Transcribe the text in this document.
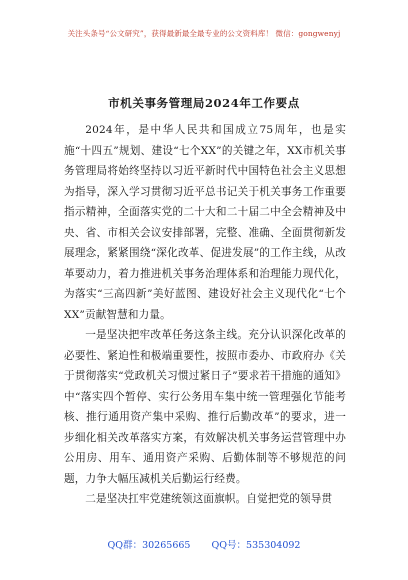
关注头条号“公文研究”，获得最新最全最专业的公文资料库！ 微信：gongwenyj
市机关事务管理局2024年工作要点

2024年，是中华人民共和国成立75周年，也是实施“十四五”规划、建设“七个XX”的关键之年，XX市机关事务管理局将始终坚持以习近平新时代中国特色社会主义思想为指导，深入学习贯彻习近平总书记关于机关事务工作重要指示精神，全面落实党的二十大和二十届二中全会精神及中央、省、市相关会议安排部署，完整、准确、全面贯彻新发展理念，紧紧围绕“深化改革、促进发展”的工作主线，从改革要动力，着力推进机关事务治理体系和治理能力现代化，为落实“三高四新”美好蓝图、建设好社会主义现代化“七个XX”贡献智慧和力量。

一是坚决把牢改革任务这条主线。充分认识深化改革的必要性、紧迫性和极端重要性，按照市委办、市政府办《关于贯彻落实“党政机关习惯过紧日子”要求若干措施的通知》中“落实四个暂停、实行公务用车集中统一管理强化节能考核、推行通用资产集中采购、推行后勤改革”的要求，进一步细化相关改革落实方案，有效解决机关事务运营管理中办公用房、用车、通用资产采购、后勤体制等不够规范的问题，力争大幅压减机关后勤运行经费。

二是坚决扛牢党建统领这面旗帜。自觉把党的领导贯

QQ群：30265665 QQ号：535304092
